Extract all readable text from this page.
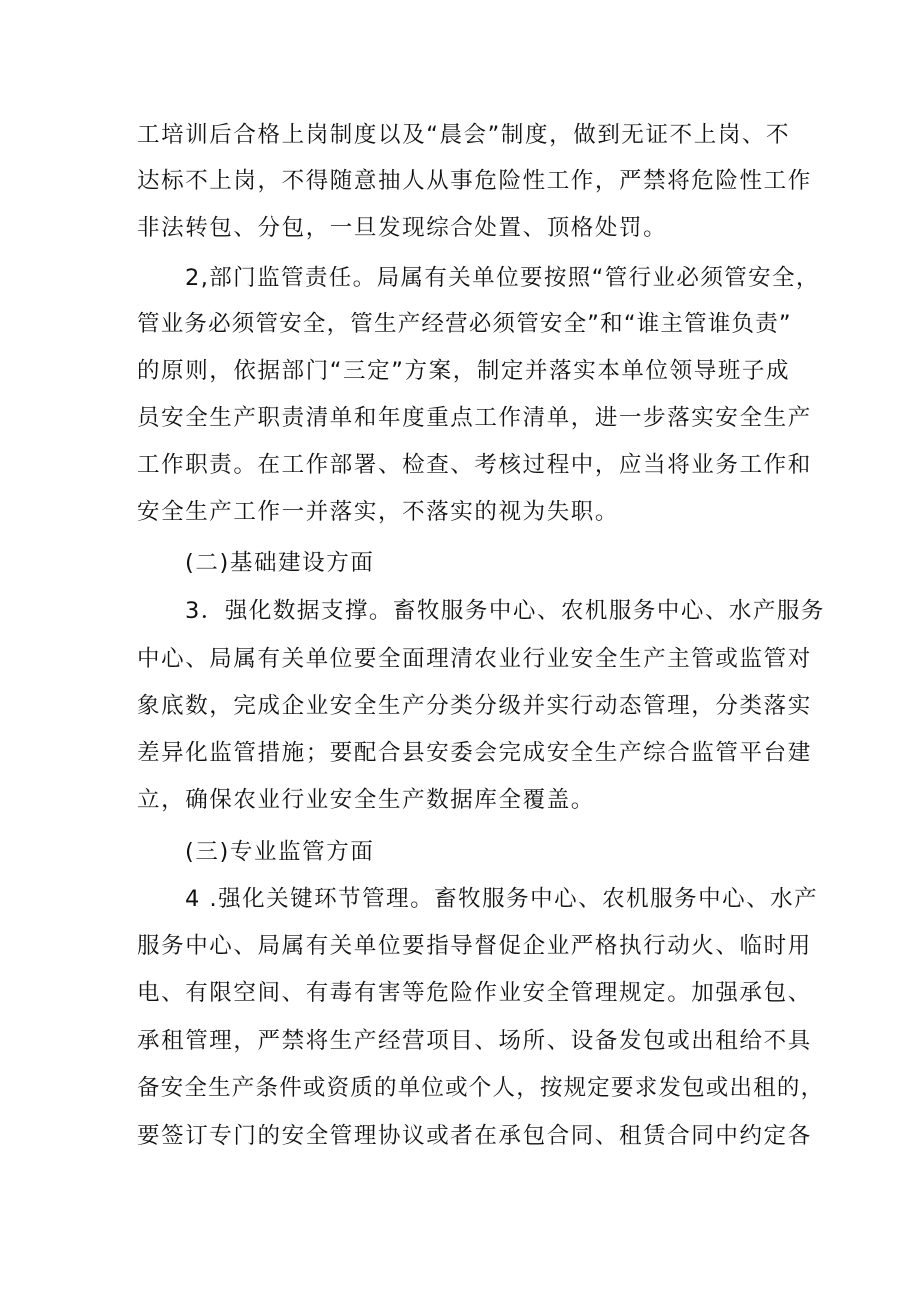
工培训后合格上岗制度以及“晨会”制度，做到无证不上岗、不
达标不上岗，不得随意抽人从事危险性工作，严禁将危险性工作
非法转包、分包，一旦发现综合处置、顶格处罚。
2,部门监管责任。局属有关单位要按照“管行业必须管安全，
管业务必须管安全，管生产经营必须管安全”和“谁主管谁负责”
的原则，依据部门“三定”方案，制定并落实本单位领导班子成
员安全生产职责清单和年度重点工作清单，进一步落实安全生产
工作职责。在工作部署、检查、考核过程中，应当将业务工作和
安全生产工作一并落实，不落实的视为失职。
(二)基础建设方面
3．强化数据支撑。畜牧服务中心、农机服务中心、水产服务
中心、局属有关单位要全面理清农业行业安全生产主管或监管对
象底数，完成企业安全生产分类分级并实行动态管理，分类落实
差异化监管措施；要配合县安委会完成安全生产综合监管平台建
立，确保农业行业安全生产数据库全覆盖。
(三)专业监管方面
4 .强化关键环节管理。畜牧服务中心、农机服务中心、水产
服务中心、局属有关单位要指导督促企业严格执行动火、临时用
电、有限空间、有毒有害等危险作业安全管理规定。加强承包、
承租管理，严禁将生产经营项目、场所、设备发包或出租给不具
备安全生产条件或资质的单位或个人，按规定要求发包或出租的，
要签订专门的安全管理协议或者在承包合同、租赁合同中约定各
